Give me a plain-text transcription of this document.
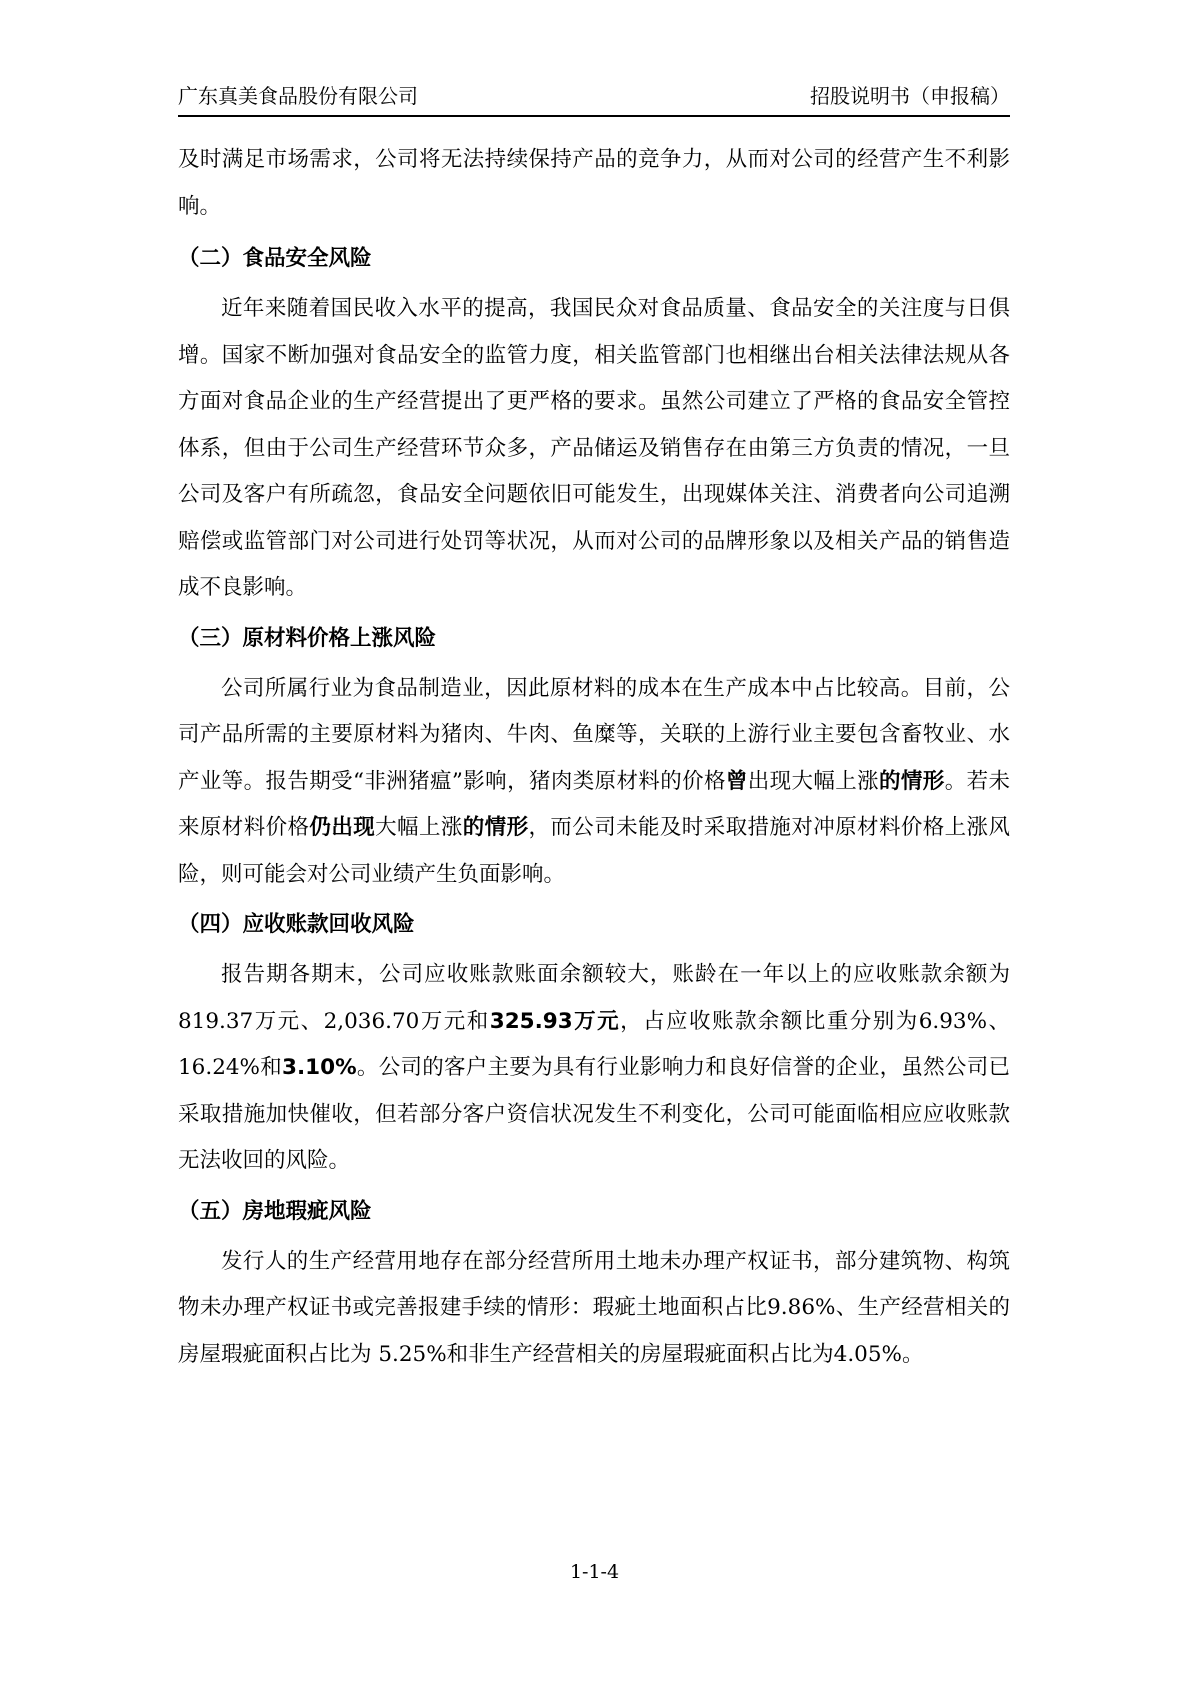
广东真美食品股份有限公司	招股说明书（申报稿）

及时满足市场需求，公司将无法持续保持产品的竞争力，从而对公司的经营产生不利影响。

（二）食品安全风险

近年来随着国民收入水平的提高，我国民众对食品质量、食品安全的关注度与日俱增。国家不断加强对食品安全的监管力度，相关监管部门也相继出台相关法律法规从各方面对食品企业的生产经营提出了更严格的要求。虽然公司建立了严格的食品安全管控体系，但由于公司生产经营环节众多，产品储运及销售存在由第三方负责的情况，一旦公司及客户有所疏忽，食品安全问题依旧可能发生，出现媒体关注、消费者向公司追溯赔偿或监管部门对公司进行处罚等状况，从而对公司的品牌形象以及相关产品的销售造成不良影响。

（三）原材料价格上涨风险

公司所属行业为食品制造业，因此原材料的成本在生产成本中占比较高。目前，公司产品所需的主要原材料为猪肉、牛肉、鱼糜等，关联的上游行业主要包含畜牧业、水产业等。报告期受“非洲猪瘟”影响，猪肉类原材料的价格曾出现大幅上涨的情形。若未来原材料价格仍出现大幅上涨的情形，而公司未能及时采取措施对冲原材料价格上涨风险，则可能会对公司业绩产生负面影响。

（四）应收账款回收风险

报告期各期末，公司应收账款账面余额较大，账龄在一年以上的应收账款余额为819.37万元、2,036.70万元和325.93万元，占应收账款余额比重分别为6.93%、16.24%和3.10%。公司的客户主要为具有行业影响力和良好信誉的企业，虽然公司已采取措施加快催收，但若部分客户资信状况发生不利变化，公司可能面临相应应收账款无法收回的风险。

（五）房地瑕疵风险

发行人的生产经营用地存在部分经营所用土地未办理产权证书，部分建筑物、构筑物未办理产权证书或完善报建手续的情形：瑕疵土地面积占比9.86%、生产经营相关的房屋瑕疵面积占比为 5.25%和非生产经营相关的房屋瑕疵面积占比为4.05%。

1-1-4
